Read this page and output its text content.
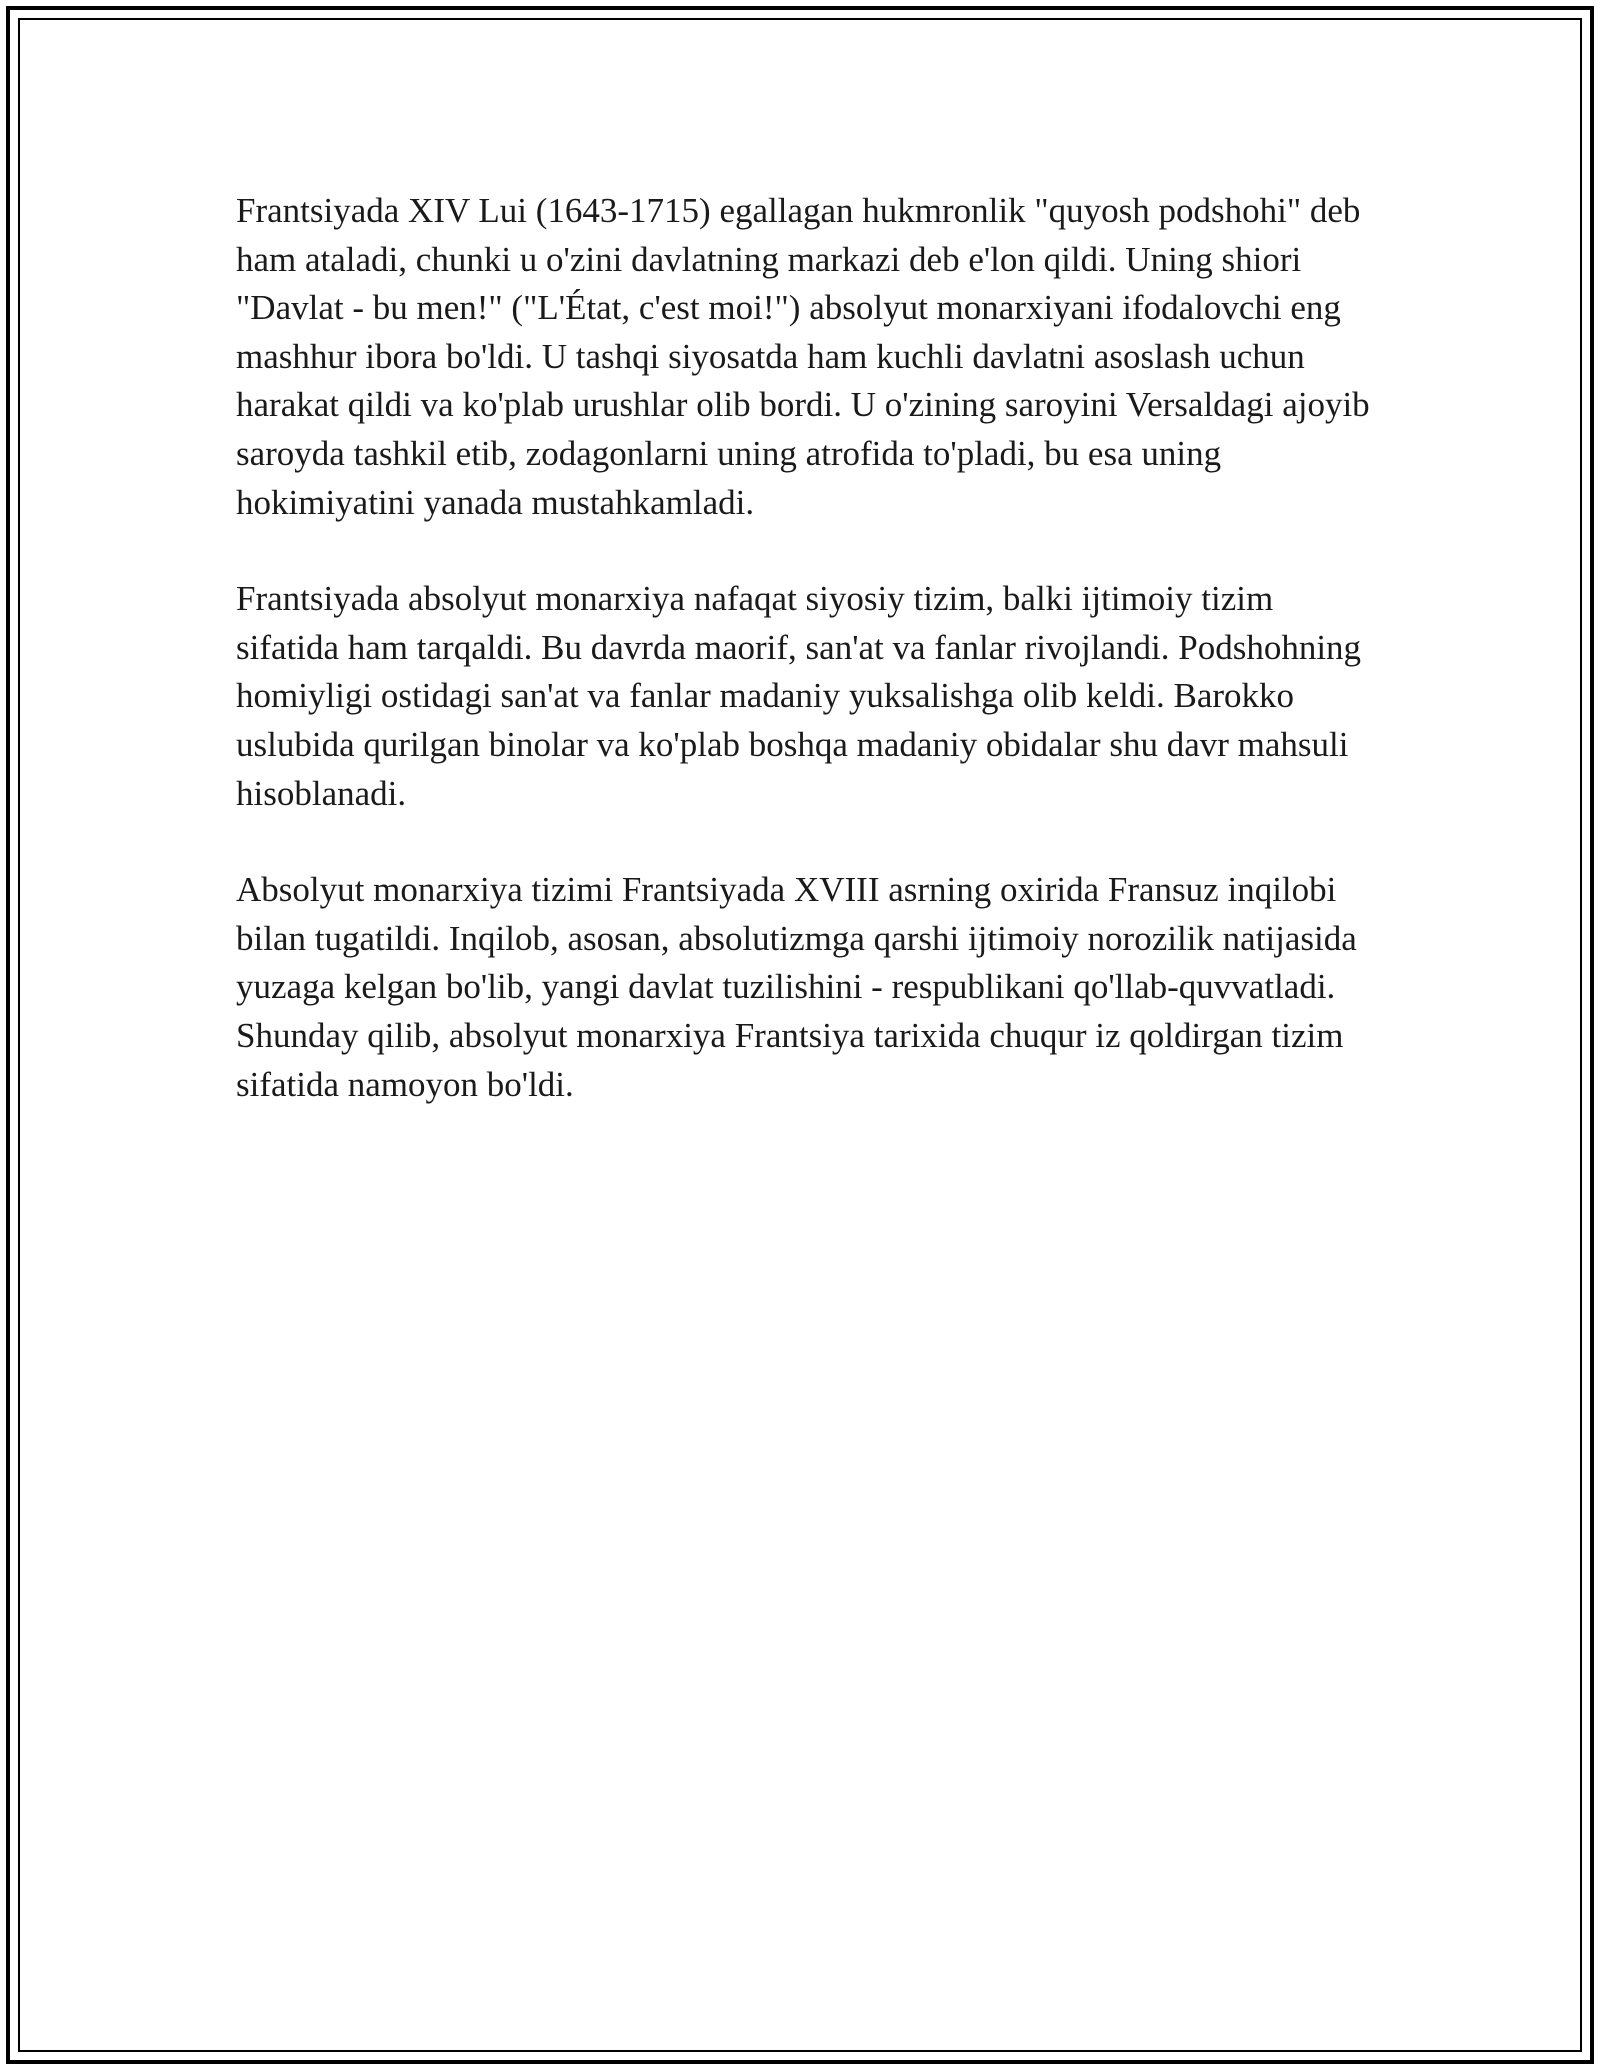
Frantsiyada XIV Lui (1643-1715) egallagan hukmronlik "quyosh podshohi" deb ham ataladi, chunki u o'zini davlatning markazi deb e'lon qildi. Uning shiori "Davlat - bu men!" ("L'État, c'est moi!") absolyut monarxiyani ifodalovchi eng mashhur ibora bo'ldi. U tashqi siyosatda ham kuchli davlatni asoslash uchun harakat qildi va ko'plab urushlar olib bordi. U o'zining saroyini Versaldagi ajoyib saroyda tashkil etib, zodagonlarni uning atrofida to'pladi, bu esa uning hokimiyatini yanada mustahkamladi.

Frantsiyada absolyut monarxiya nafaqat siyosiy tizim, balki ijtimoiy tizim sifatida ham tarqaldi. Bu davrda maorif, san'at va fanlar rivojlandi. Podshohning homiyligi ostidagi san'at va fanlar madaniy yuksalishga olib keldi. Barokko uslubida qurilgan binolar va ko'plab boshqa madaniy obidalar shu davr mahsuli hisoblanadi.

Absolyut monarxiya tizimi Frantsiyada XVIII asrning oxirida Fransuz inqilobi bilan tugatildi. Inqilob, asosan, absolutizmga qarshi ijtimoiy norozilik natijasida yuzaga kelgan bo'lib, yangi davlat tuzilishini - respublikani qo'llab-quvvatladi. Shunday qilib, absolyut monarxiya Frantsiya tarixida chuqur iz qoldirgan tizim sifatida namoyon bo'ldi.
